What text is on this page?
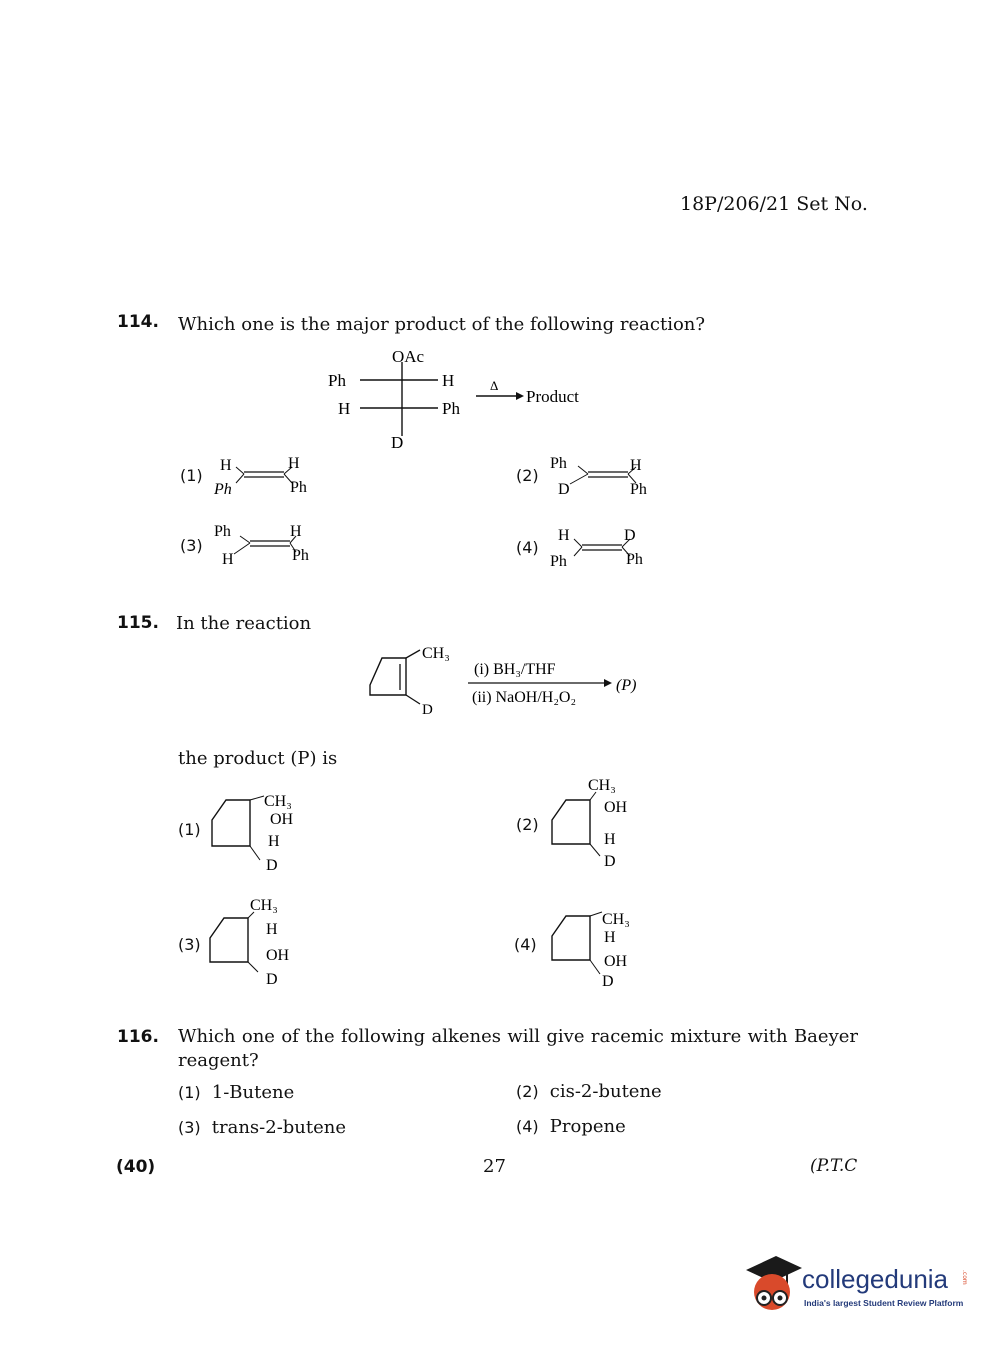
18P/206/21 Set No.
114. Which one is the major product of the following reaction?
OAc
Ph	H
H	Ph
D
Δ
Product
(1)
H
Ph
H
Ph
(2)
Ph
D
H
Ph
(3)
Ph
H
H
Ph	(4)
H
Ph
D
Ph
115. In the reaction
CH₃
D
(i) BH₃/THF
(ii) NaOH/H₂O₂
(P)
the product (P) is
(1)
CH₃
OH
H
D
(2)
CH₃
OH
H
D
(3)
CH₃
H
OH
D
(4)
CH₃
H
OH
D
116. Which one of the following alkenes will give racemic mixture with Baeyer reagent?
(1) 1-Butene	(2) cis-2-butene
(3) trans-2-butene	(4) Propene
(40)	27	(P.T.C
collegedunia .com
India's largest Student Review Platform
